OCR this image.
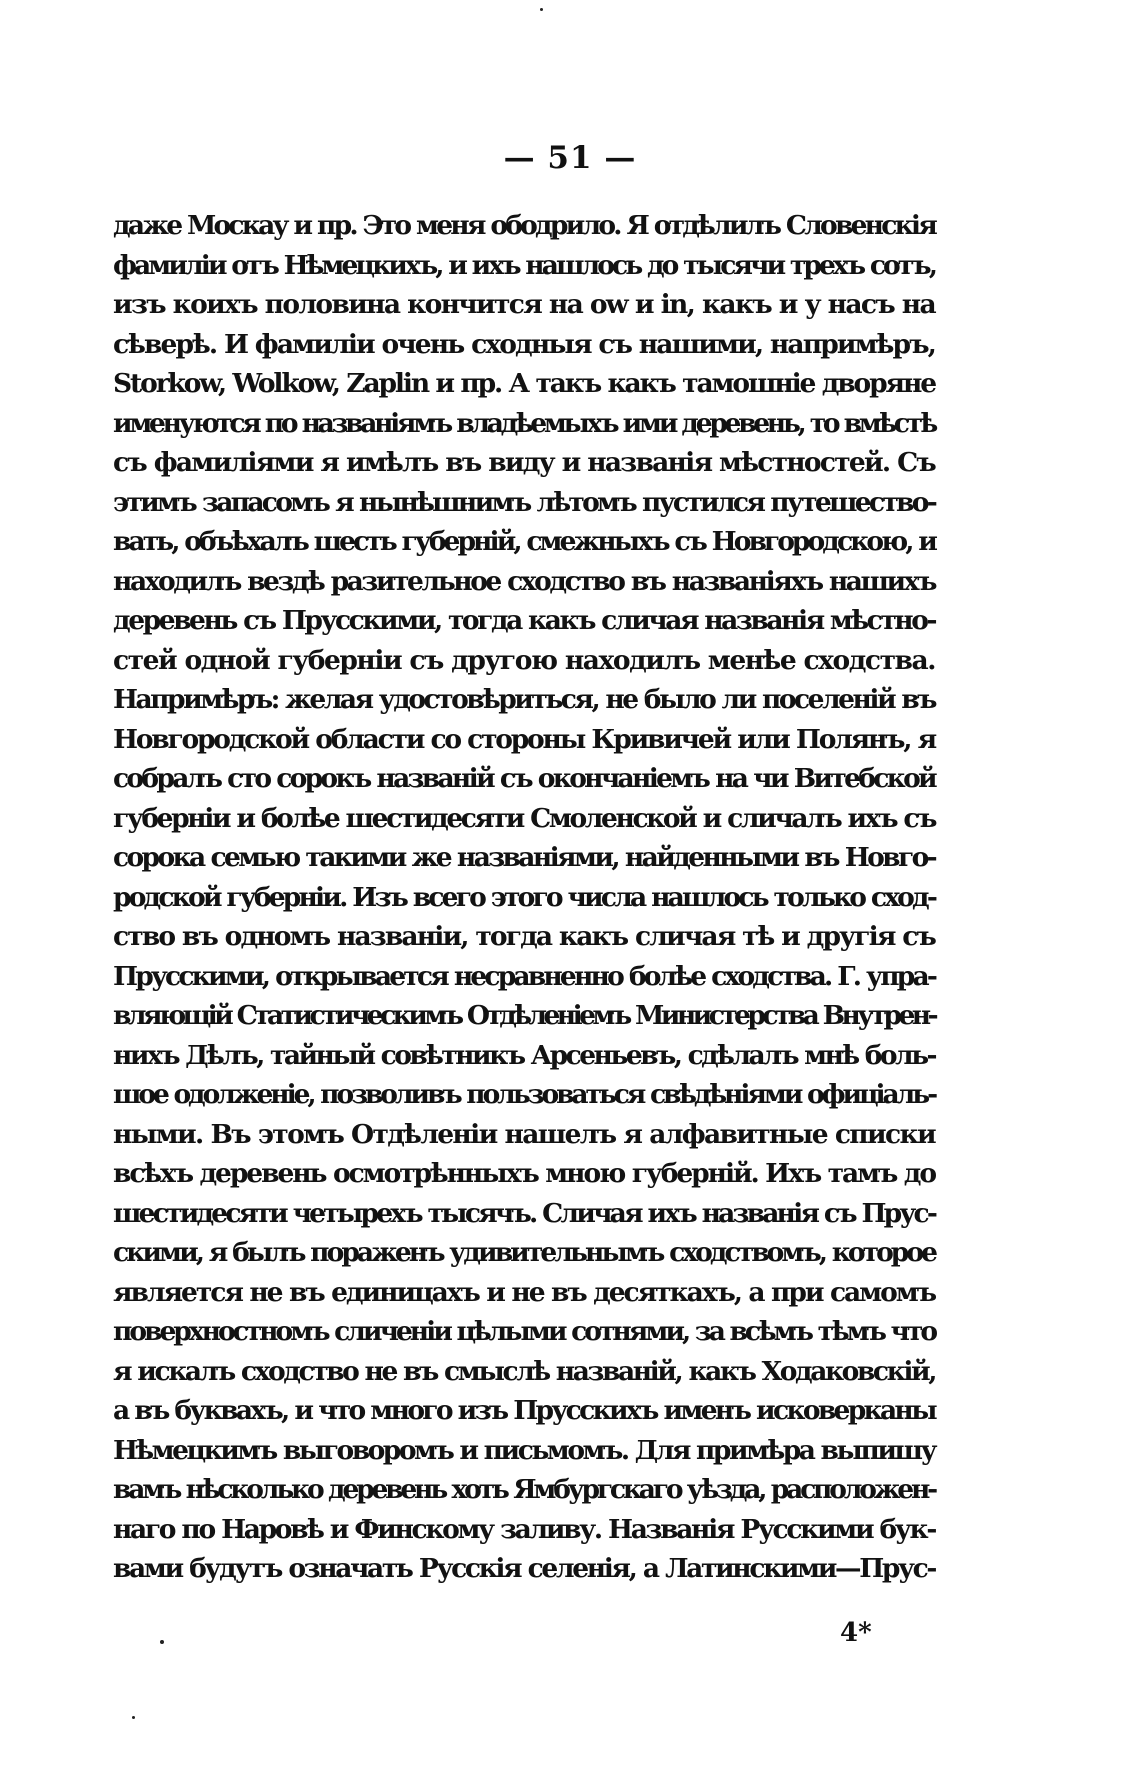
— 51 —
даже Москау и пр. Это меня ободрило. Я отдѣлилъ Словенскія
фамиліи отъ Нѣмецкихъ, и ихъ нашлось до тысячи трехъ сотъ,
изъ коихъ половина кончится на ow и in, какъ и у насъ на
сѣверѣ. И фамиліи очень сходныя съ нашими, напримѣръ,
Storkow, Wolkow, Zaplin и пр. А такъ какъ тамошніе дворяне
именуются по названіямъ владѣемыхъ ими деревень, то вмѣстѣ
съ фамиліями я имѣлъ въ виду и названія мѣстностей. Съ
этимъ запасомъ я нынѣшнимъ лѣтомъ пустился путешество-
вать, объѣхалъ шесть губерній, смежныхъ съ Новгородскою, и
находилъ вездѣ разительное сходство въ названіяхъ нашихъ
деревень съ Прусскими, тогда какъ сличая названія мѣстно-
стей одной губерніи съ другою находилъ менѣе сходства.
Напримѣръ: желая удостовѣриться, не было ли поселеній въ
Новгородской области со стороны Кривичей или Полянъ, я
собралъ сто сорокъ названій съ окончаніемъ на чи Витебской
губерніи и болѣе шестидесяти Смоленской и сличалъ ихъ съ
сорока семью такими же названіями, найденными въ Новго-
родской губерніи. Изъ всего этого числа нашлось только сход-
ство въ одномъ названіи, тогда какъ сличая тѣ и другія съ
Прусскими, открывается несравненно болѣе сходства. Г. упра-
вляющій Статистическимъ Отдѣленіемъ Министерства Внутрен-
нихъ Дѣлъ, тайный совѣтникъ Арсеньевъ, сдѣлалъ мнѣ боль-
шое одолженіе, позволивъ пользоваться свѣдѣніями офиціаль-
ными. Въ этомъ Отдѣленіи нашелъ я алфавитные списки
всѣхъ деревень осмотрѣнныхъ мною губерній. Ихъ тамъ до
шестидесяти четырехъ тысячъ. Сличая ихъ названія съ Прус-
скими, я былъ пораженъ удивительнымъ сходствомъ, которое
является не въ единицахъ и не въ десяткахъ, а при самомъ
поверхностномъ сличеніи цѣлыми сотнями, за всѣмъ тѣмъ что
я искалъ сходство не въ смыслѣ названій, какъ Ходаковскій,
а въ буквахъ, и что много изъ Прусскихъ именъ исковерканы
Нѣмецкимъ выговоромъ и письмомъ. Для примѣра выпишу
вамъ нѣсколько деревень хоть Ямбургскаго уѣзда, расположен-
наго по Наровѣ и Финскому заливу. Названія Русскими бук-
вами будутъ означать Русскія селенія, а Латинскими—Прус-
4*
